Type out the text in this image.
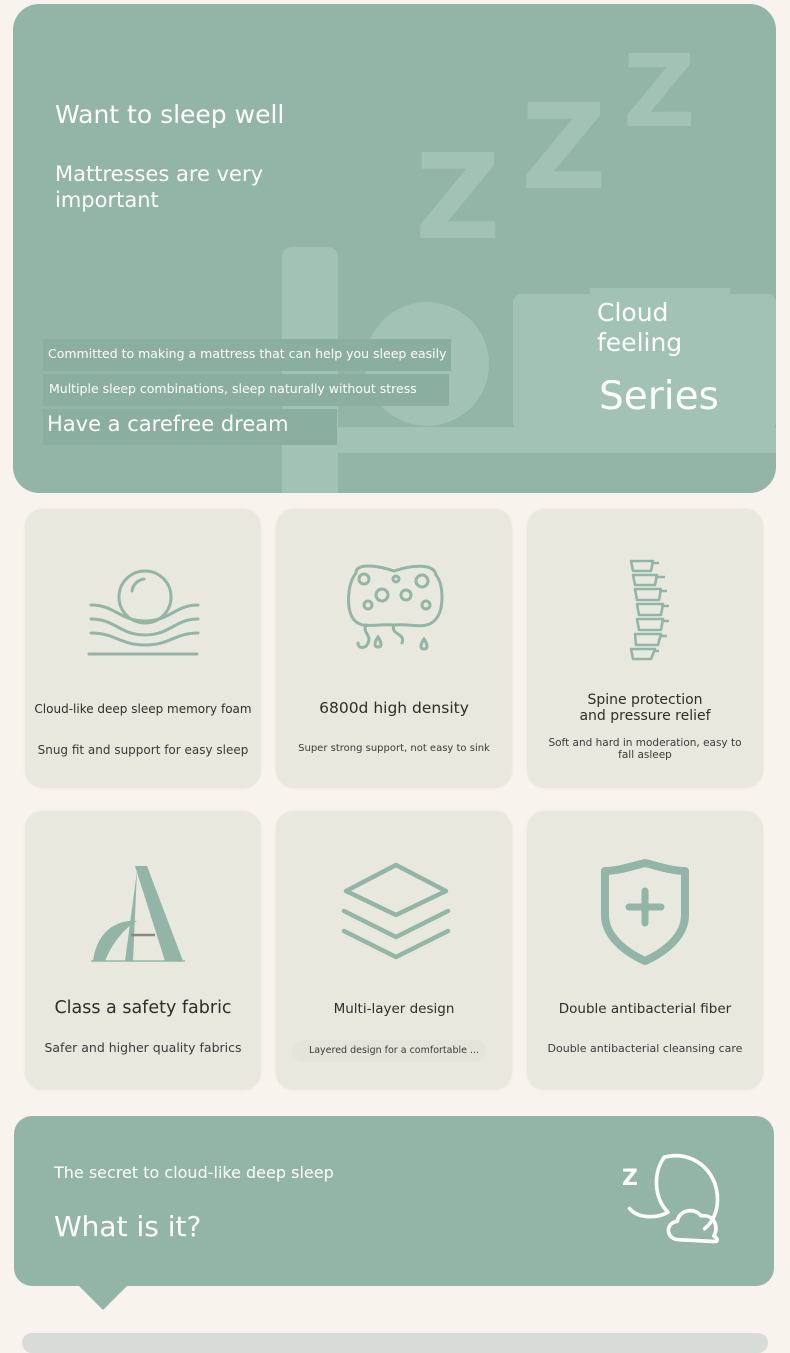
Z Z Z
Want to sleep well
Mattresses are very
important
Committed to making a mattress that can help you sleep easily
Multiple sleep combinations, sleep naturally without stress
Have a carefree dream
Cloud
feeling
Series
Cloud-like deep sleep memory foam
Snug fit and support for easy sleep
6800d high density
Super strong support, not easy to sink
Spine protection and pressure relief
Soft and hard in moderation, easy to fall asleep
Class a safety fabric
Safer and higher quality fabrics
Multi-layer design
Layered design for a comfortable ...
Double antibacterial fiber
Double antibacterial cleansing care
The secret to cloud-like deep sleep
What is it?
Z
